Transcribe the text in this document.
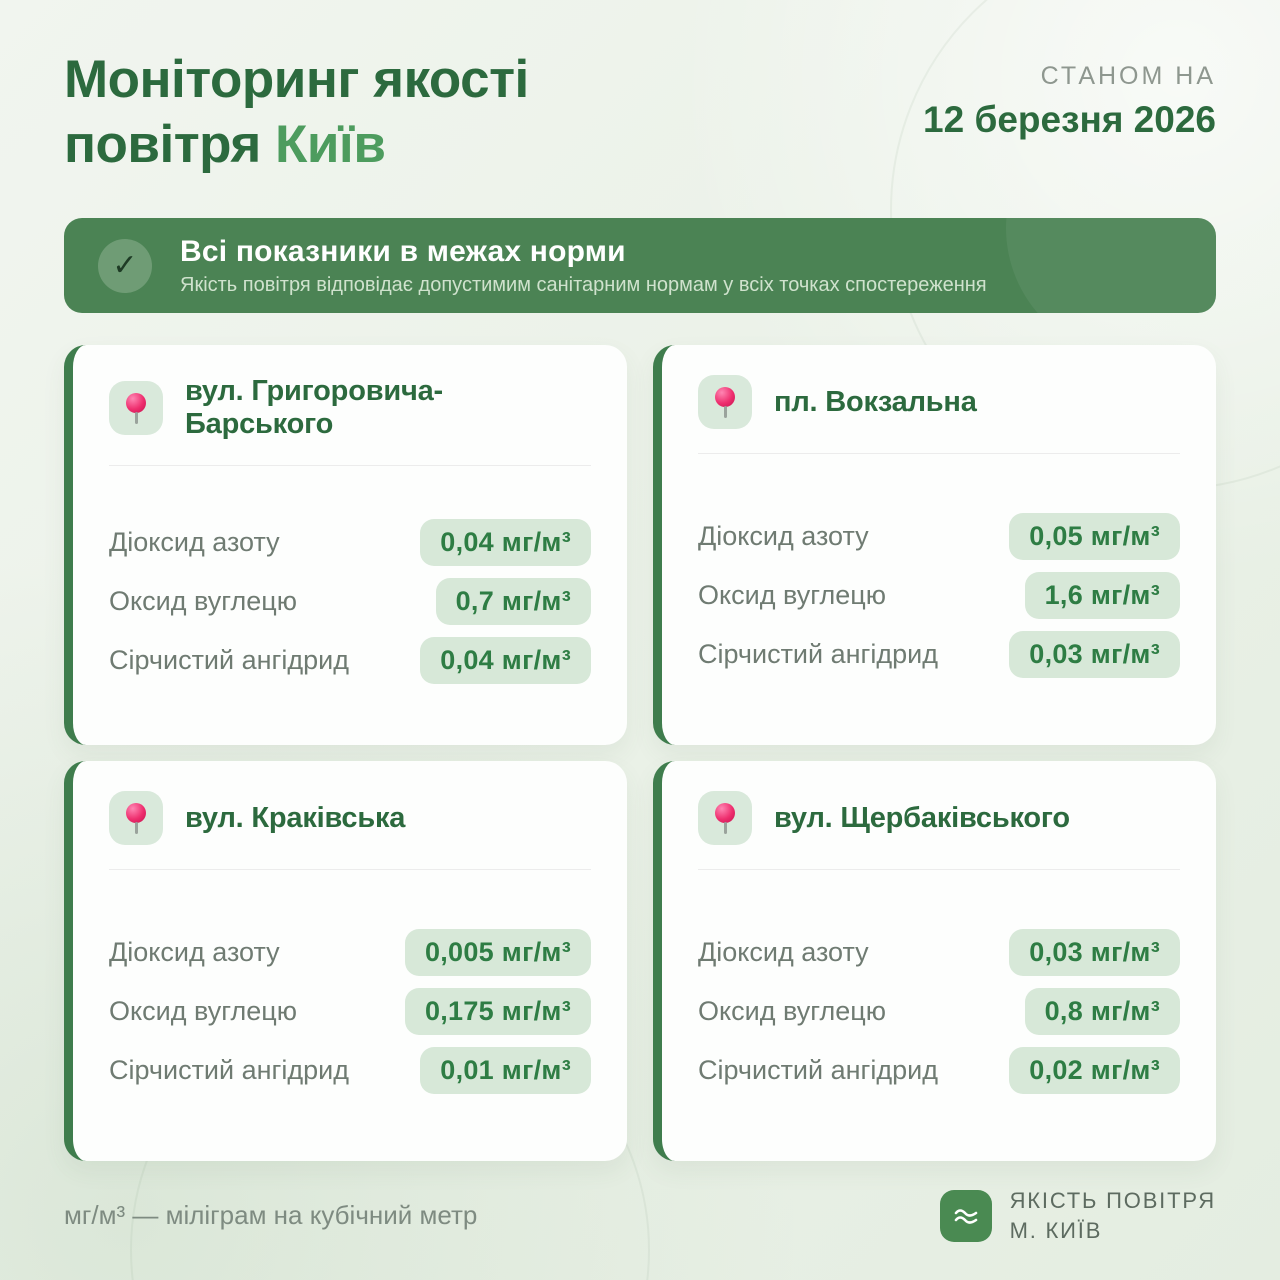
Моніторинг якості
повітря Київ
СТАНОМ НА
12 березня 2026
✓ Всі показники в межах норми
Якість повітря відповідає допустимим санітарним нормам у всіх точках спостереження
вул. Григоровича-Барського
Діоксид азоту	0,04 мг/м³
Оксид вуглецю	0,7 мг/м³
Сірчистий ангідрид	0,04 мг/м³
пл. Вокзальна
Діоксид азоту	0,05 мг/м³
Оксид вуглецю	1,6 мг/м³
Сірчистий ангідрид	0,03 мг/м³
вул. Краківська
Діоксид азоту	0,005 мг/м³
Оксид вуглецю	0,175 мг/м³
Сірчистий ангідрид	0,01 мг/м³
вул. Щербаківського
Діоксид азоту	0,03 мг/м³
Оксид вуглецю	0,8 мг/м³
Сірчистий ангідрид	0,02 мг/м³
мг/м³ — міліграм на кубічний метр	ЯКІСТЬ ПОВІТРЯ
М. КИЇВ
